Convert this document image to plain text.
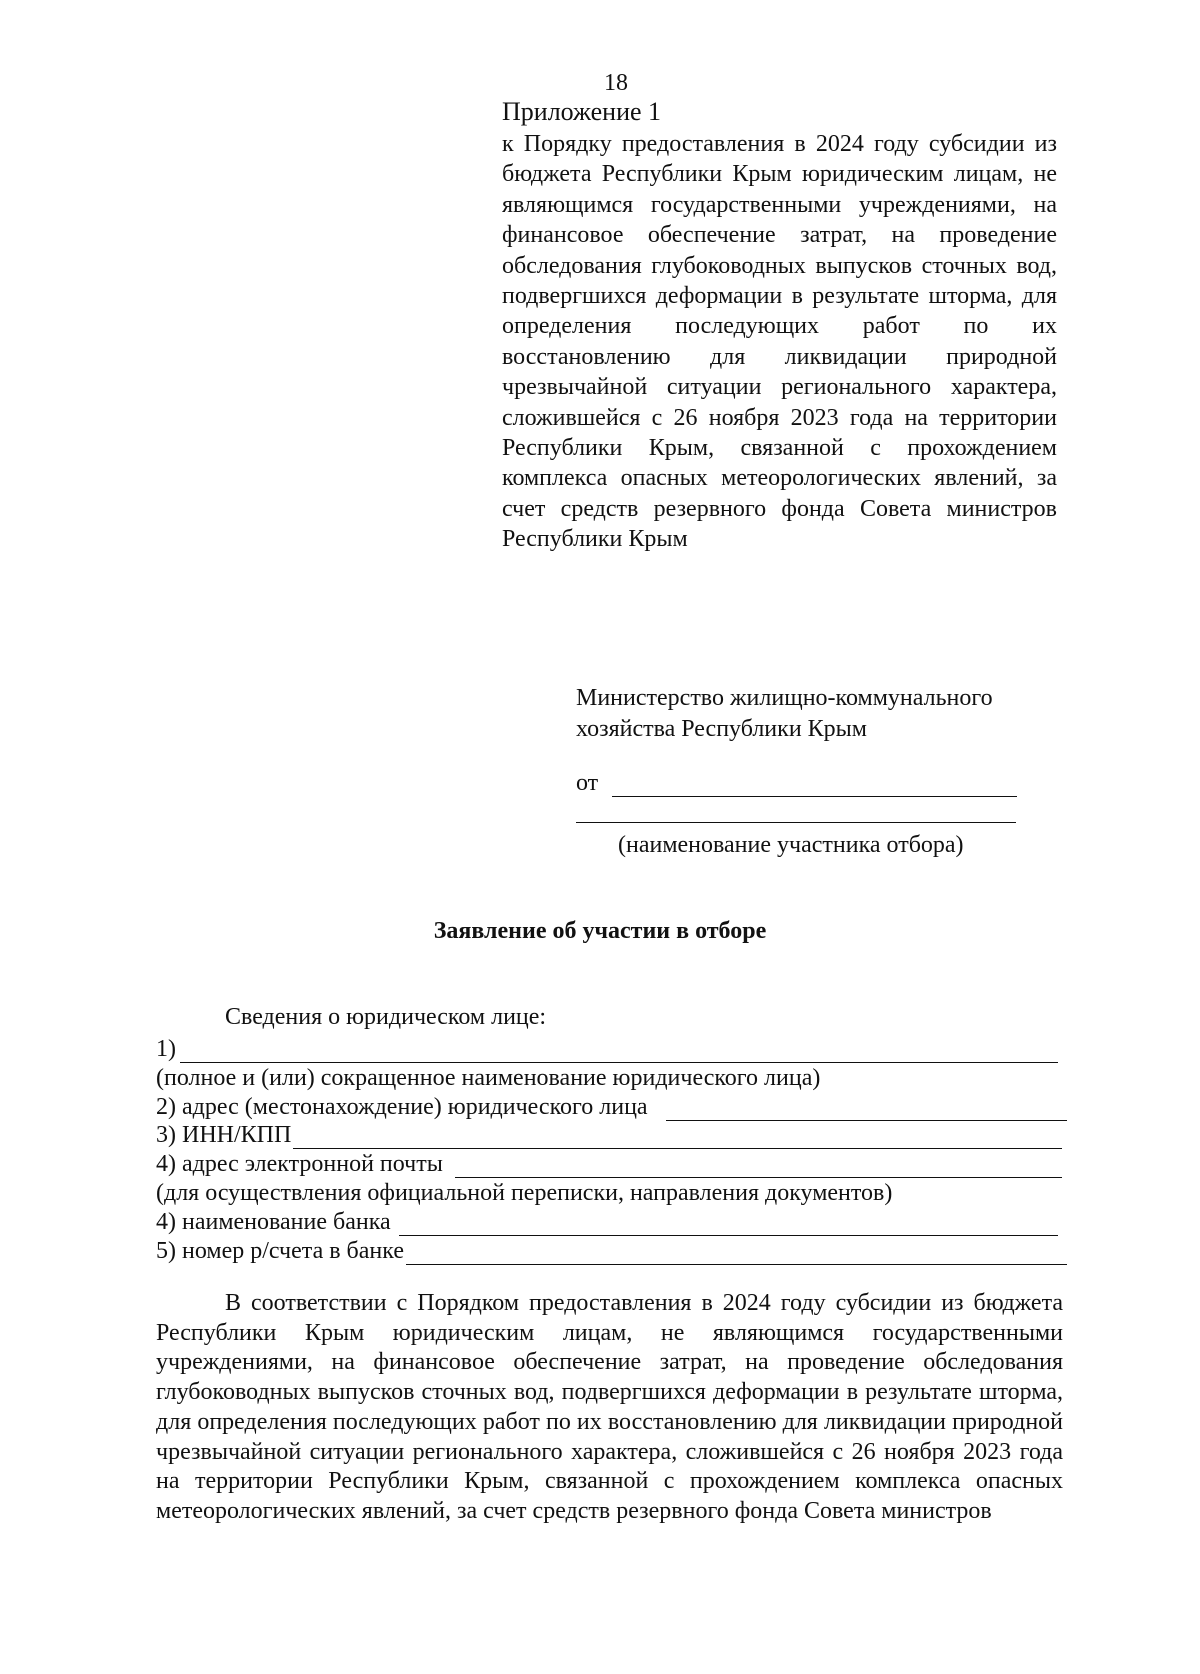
18
Приложение 1
к Порядку предоставления в 2024 году субсидии из бюджета Республики Крым юридическим лицам, не являющимся государственными учреждениями, на финансовое обеспечение затрат, на проведение обследования глубоководных выпусков сточных вод, подвергшихся деформации в результате шторма, для определения последующих работ по их восстановлению для ликвидации природной чрезвычайной ситуации регионального характера, сложившейся с 26 ноября 2023 года на территории Республики Крым, связанной с прохождением комплекса опасных метеорологических явлений, за счет средств резервного фонда Совета министров Республики Крым
Министерство жилищно-коммунального
хозяйства Республики Крым
от
(наименование участника отбора)
Заявление об участии в отборе
Сведения о юридическом лице:
1)
(полное и (или) сокращенное наименование юридического лица)
2) адрес (местонахождение) юридического лица
3) ИНН/КПП
4) адрес электронной почты
(для осуществления официальной переписки, направления документов)
4) наименование банка
5) номер р/счета в банке
В соответствии с Порядком предоставления в 2024 году субсидии из бюджета Республики Крым юридическим лицам, не являющимся государственными учреждениями, на финансовое обеспечение затрат, на проведение обследования глубоководных выпусков сточных вод, подвергшихся деформации в результате шторма, для определения последующих работ по их восстановлению для ликвидации природной чрезвычайной ситуации регионального характера, сложившейся с 26 ноября 2023 года на территории Республики Крым, связанной с прохождением комплекса опасных метеорологических явлений, за счет средств резервного фонда Совета министров
